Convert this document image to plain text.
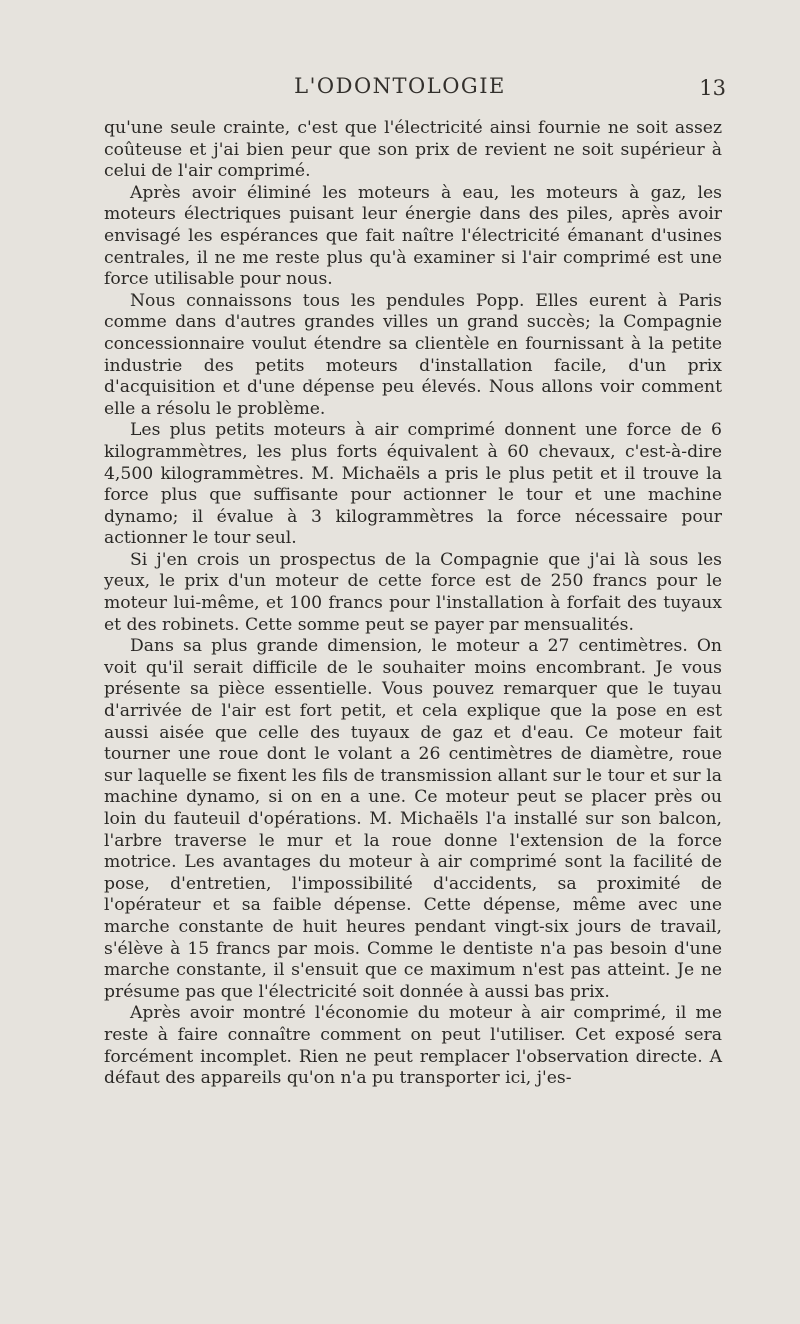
L'ODONTOLOGIE	13

qu'une seule crainte, c'est que l'électricité ainsi fournie ne soit assez coûteuse et j'ai bien peur que son prix de revient ne soit supérieur à celui de l'air comprimé.

Après avoir éliminé les moteurs à eau, les moteurs à gaz, les moteurs électriques puisant leur énergie dans des piles, après avoir envisagé les espérances que fait naître l'électricité émanant d'usines centrales, il ne me reste plus qu'à examiner si l'air comprimé est une force utilisable pour nous.

Nous connaissons tous les pendules Popp. Elles eurent à Paris comme dans d'autres grandes villes un grand succès; la Compagnie concessionnaire voulut étendre sa clientèle en fournissant à la petite industrie des petits moteurs d'installation facile, d'un prix d'acquisition et d'une dépense peu élevés. Nous allons voir comment elle a résolu le problème.

Les plus petits moteurs à air comprimé donnent une force de 6 kilogrammètres, les plus forts équivalent à 60 chevaux, c'est-à-dire 4,500 kilogrammètres. M. Michaëls a pris le plus petit et il trouve la force plus que suffisante pour actionner le tour et une machine dynamo; il évalue à 3 kilogrammètres la force nécessaire pour actionner le tour seul.

Si j'en crois un prospectus de la Compagnie que j'ai là sous les yeux, le prix d'un moteur de cette force est de 250 francs pour le moteur lui-même, et 100 francs pour l'installation à forfait des tuyaux et des robinets. Cette somme peut se payer par mensualités.

Dans sa plus grande dimension, le moteur a 27 centimètres. On voit qu'il serait difficile de le souhaiter moins encombrant. Je vous présente sa pièce essentielle. Vous pouvez remarquer que le tuyau d'arrivée de l'air est fort petit, et cela explique que la pose en est aussi aisée que celle des tuyaux de gaz et d'eau. Ce moteur fait tourner une roue dont le volant a 26 centimètres de diamètre, roue sur laquelle se fixent les fils de transmission allant sur le tour et sur la machine dynamo, si on en a une. Ce moteur peut se placer près ou loin du fauteuil d'opérations. M. Michaëls l'a installé sur son balcon, l'arbre traverse le mur et la roue donne l'extension de la force motrice. Les avantages du moteur à air comprimé sont la facilité de pose, d'entretien, l'impossibilité d'accidents, sa proximité de l'opérateur et sa faible dépense. Cette dépense, même avec une marche constante de huit heures pendant vingt-six jours de travail, s'élève à 15 francs par mois. Comme le dentiste n'a pas besoin d'une marche constante, il s'ensuit que ce maximum n'est pas atteint. Je ne présume pas que l'électricité soit donnée à aussi bas prix.

Après avoir montré l'économie du moteur à air comprimé, il me reste à faire connaître comment on peut l'utiliser. Cet exposé sera forcément incomplet. Rien ne peut remplacer l'observation directe. A défaut des appareils qu'on n'a pu transporter ici, j'es-
